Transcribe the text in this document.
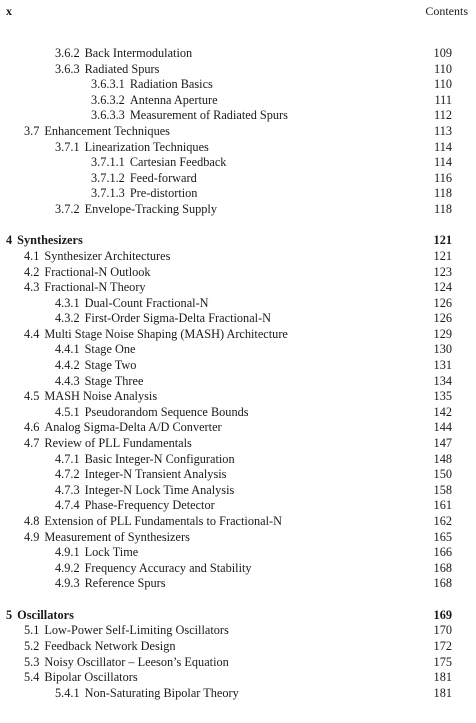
x	Contents
3.6.2 Back Intermodulation	109
3.6.3 Radiated Spurs	110
3.6.3.1 Radiation Basics	110
3.6.3.2 Antenna Aperture	111
3.6.3.3 Measurement of Radiated Spurs	112
3.7 Enhancement Techniques	113
3.7.1 Linearization Techniques	114
3.7.1.1 Cartesian Feedback	114
3.7.1.2 Feed-forward	116
3.7.1.3 Pre-distortion	118
3.7.2 Envelope-Tracking Supply	118
4 Synthesizers	121
4.1 Synthesizer Architectures	121
4.2 Fractional-N Outlook	123
4.3 Fractional-N Theory	124
4.3.1 Dual-Count Fractional-N	126
4.3.2 First-Order Sigma-Delta Fractional-N	126
4.4 Multi Stage Noise Shaping (MASH) Architecture	129
4.4.1 Stage One	130
4.4.2 Stage Two	131
4.4.3 Stage Three	134
4.5 MASH Noise Analysis	135
4.5.1 Pseudorandom Sequence Bounds	142
4.6 Analog Sigma-Delta A/D Converter	144
4.7 Review of PLL Fundamentals	147
4.7.1 Basic Integer-N Configuration	148
4.7.2 Integer-N Transient Analysis	150
4.7.3 Integer-N Lock Time Analysis	158
4.7.4 Phase-Frequency Detector	161
4.8 Extension of PLL Fundamentals to Fractional-N	162
4.9 Measurement of Synthesizers	165
4.9.1 Lock Time	166
4.9.2 Frequency Accuracy and Stability	168
4.9.3 Reference Spurs	168
5 Oscillators	169
5.1 Low-Power Self-Limiting Oscillators	170
5.2 Feedback Network Design	172
5.3 Noisy Oscillator – Leeson’s Equation	175
5.4 Bipolar Oscillators	181
5.4.1 Non-Saturating Bipolar Theory	181
